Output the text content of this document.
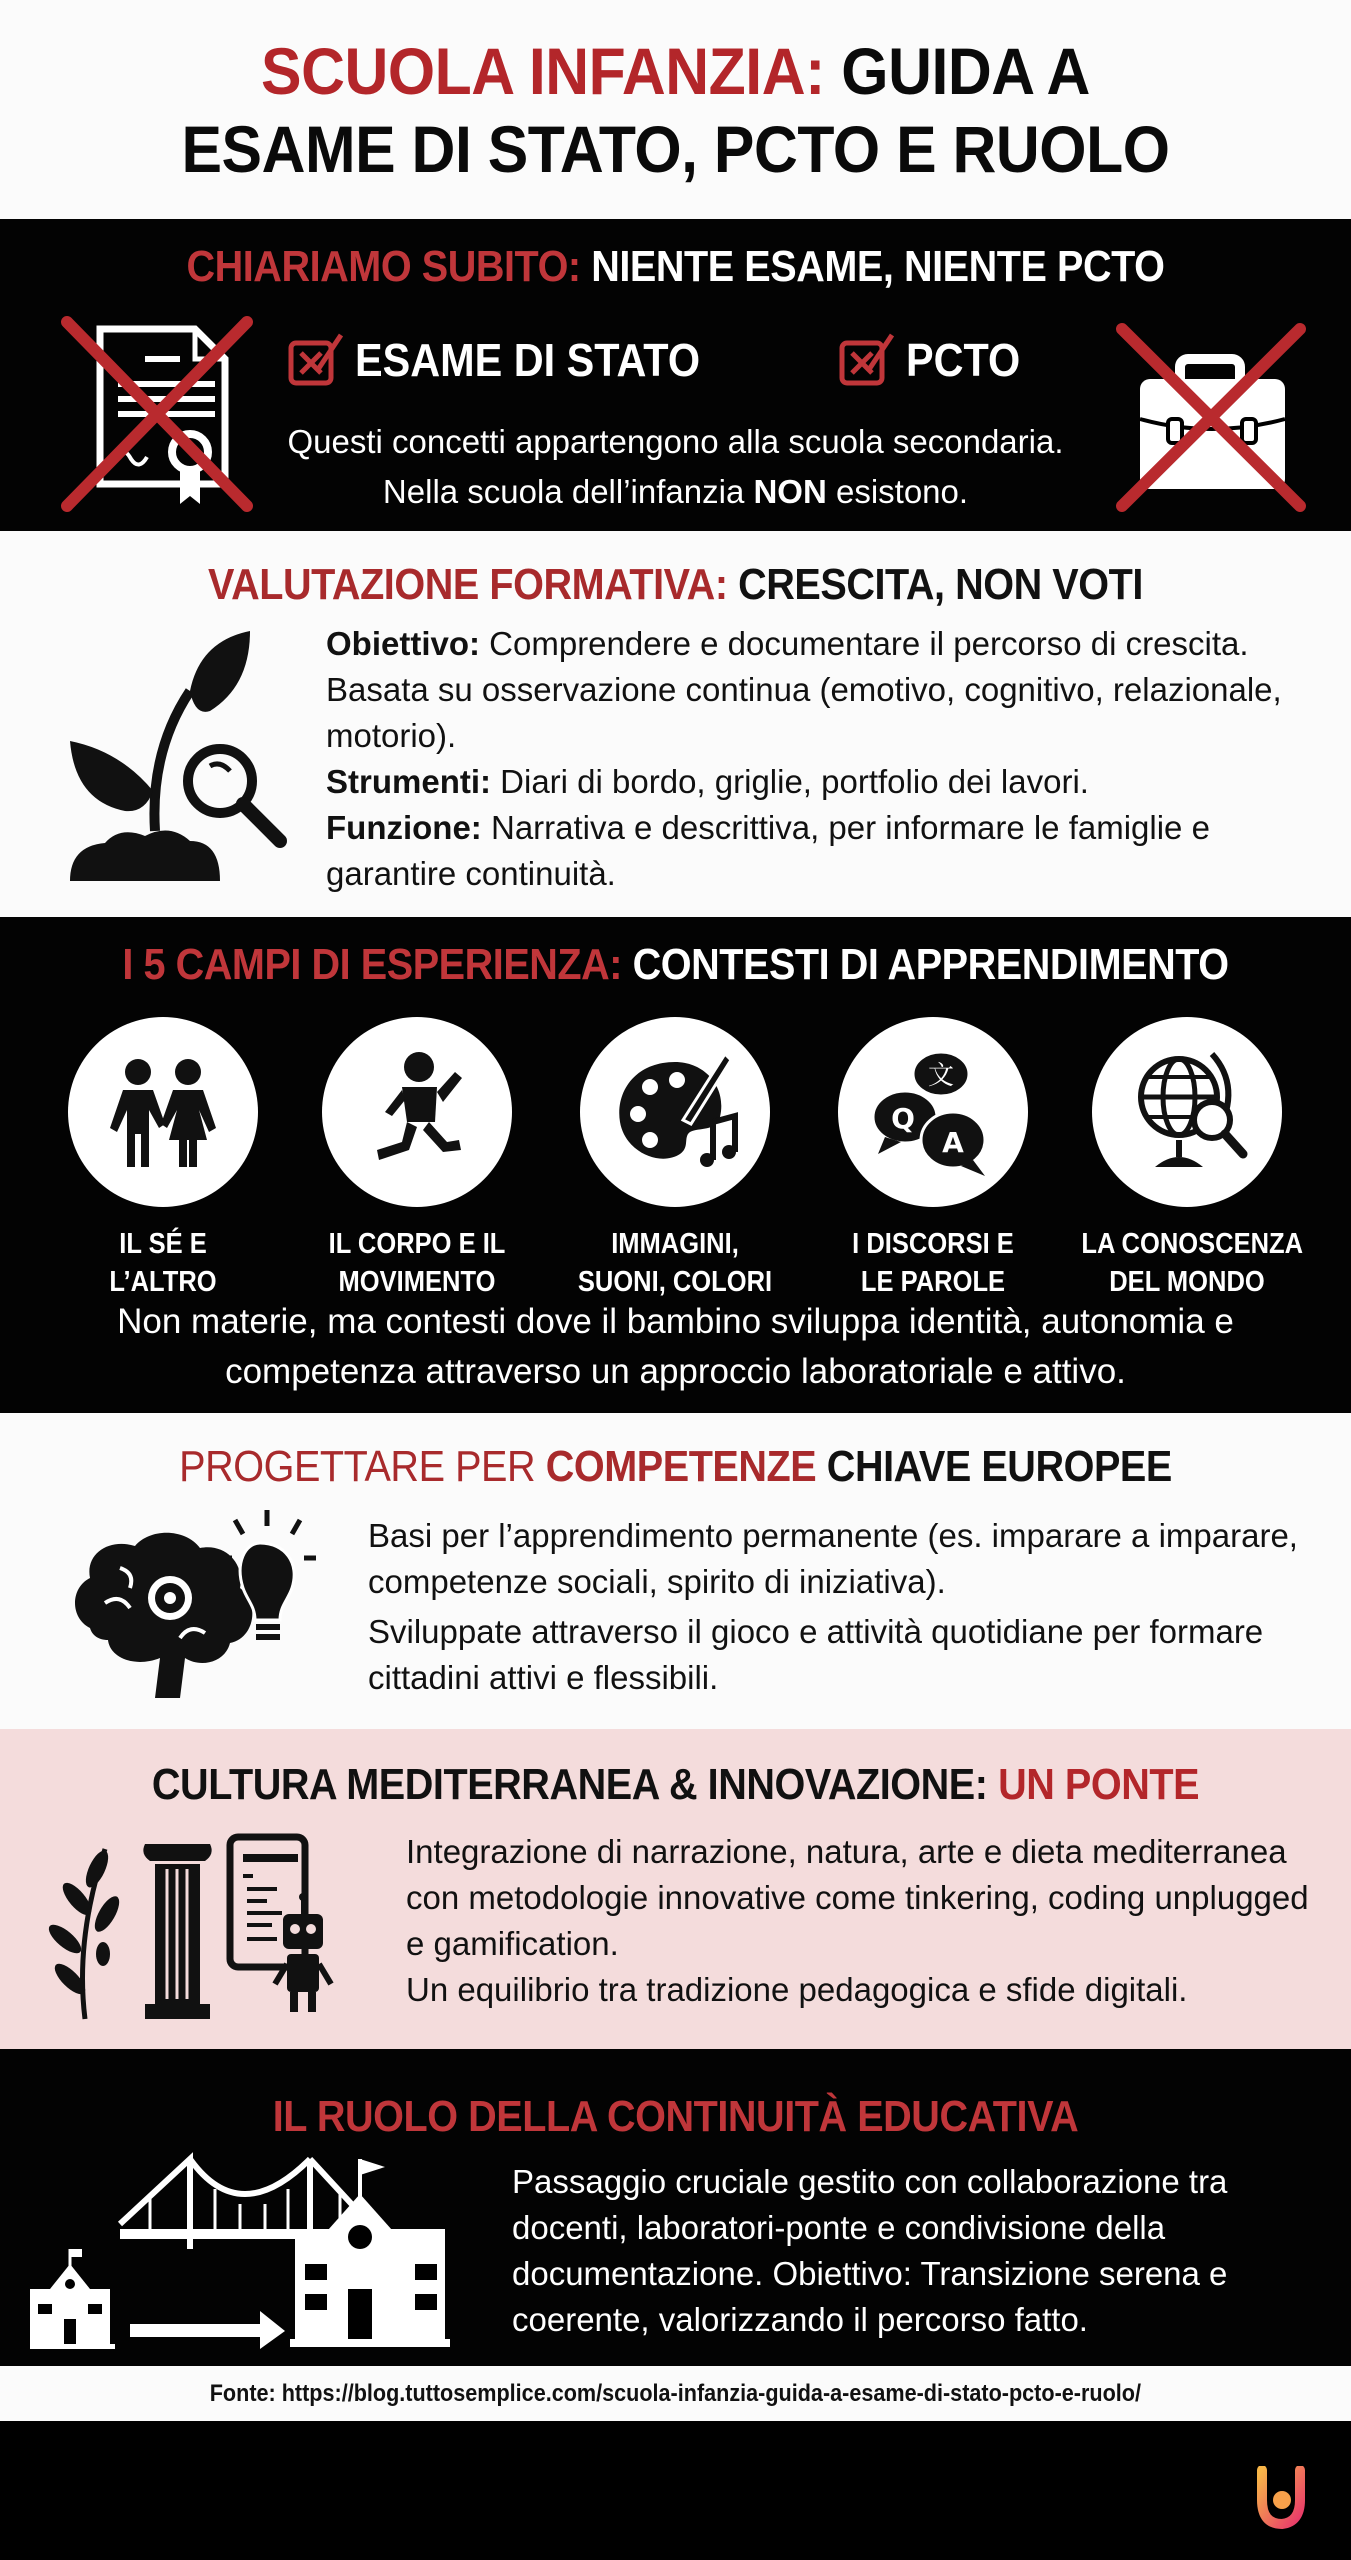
SCUOLA INFANZIA: GUIDA A
ESAME DI STATO, PCTO E RUOLO
CHIARIAMO SUBITO: NIENTE ESAME, NIENTE PCTO
ESAME DI STATO	PCTO
Questi concetti appartengono alla scuola secondaria.
Nella scuola dell’infanzia NON esistono.
VALUTAZIONE FORMATIVA: CRESCITA, NON VOTI

Obiettivo: Comprendere e documentare il percorso di crescita. Basata su osservazione continua (emotivo, cognitivo, relazionale, motorio).

Strumenti: Diari di bordo, griglie, portfolio dei lavori.

Funzione: Narrativa e descrittiva, per informare le famiglie e garantire continuità.

I 5 CAMPI DI ESPERIENZA: CONTESTI DI APPRENDIMENTO
IL SÉ E
L’ALTRO
IL CORPO E IL
MOVIMENTO
IMMAGINI,
SUONI, COLORI
文
Q
A
I DISCORSI E
LE PAROLE
LA CONOSCENZA
DEL MONDO
Non materie, ma contesti dove il bambino sviluppa identità, autonomia e
competenza attraverso un approccio laboratoriale e attivo.
PROGETTARE PER COMPETENZE CHIAVE EUROPEE

Basi per l’apprendimento permanente (es. imparare a imparare, competenze sociali, spirito di iniziativa).

Sviluppate attraverso il gioco e attività quotidiane per formare cittadini attivi e flessibili.

CULTURA MEDITERRANEA & INNOVAZIONE: UN PONTE

Integrazione di narrazione, natura, arte e dieta mediterranea con metodologie innovative come tinkering, coding unplugged e gamification.

Un equilibrio tra tradizione pedagogica e sfide digitali.

IL RUOLO DELLA CONTINUITÀ EDUCATIVA
Passaggio cruciale gestito con collaborazione tra docenti, laboratori-ponte e condivisione della documentazione. Obiettivo: Transizione serena e coerente, valorizzando il percorso fatto.
Fonte: https://blog.tuttosemplice.com/scuola-infanzia-guida-a-esame-di-stato-pcto-e-ruolo/
